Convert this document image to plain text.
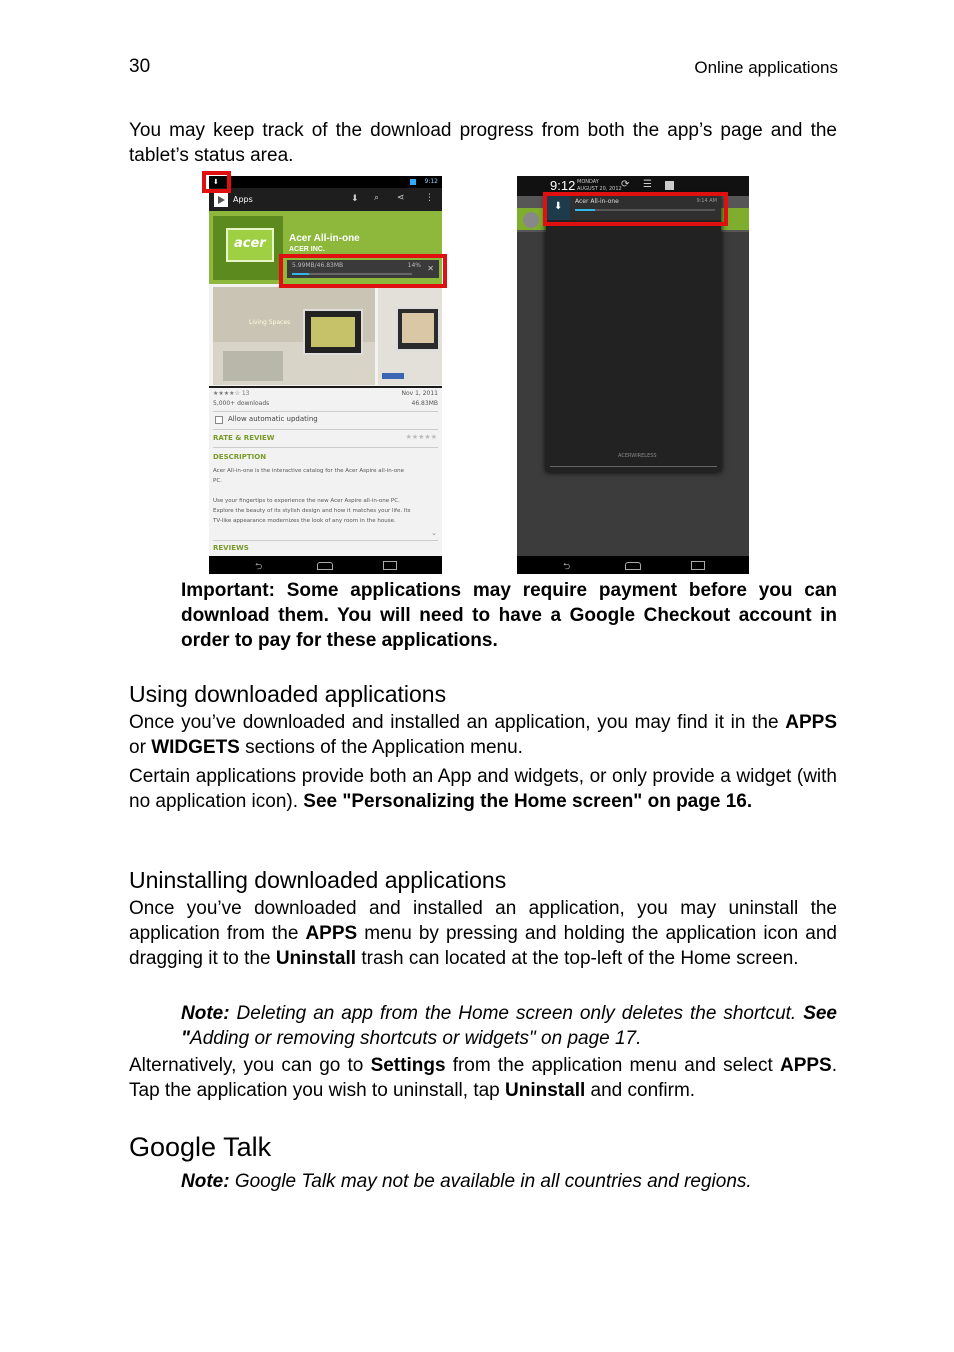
30	Online applications
You may keep track of the download progress from both the app’s page and the tablet’s status area.
⬇	9:12
Apps	⬇ ⌕ ⋖ ⋮
acer Acer All-in-one
ACER INC.
5.99MB/46.83MB	14% ✕
Living Spaces
★★★★☆ 13	Nov 1, 2011
5,000+ downloads	46.83MB
Allow automatic updating
RATE & REVIEW	★★★★★
DESCRIPTION
Acer All-in-one is the interactive catalog for the Acer Aspire all-in-one
PC.
Use your fingertips to experience the new Acer Aspire all-in-one PC.
Explore the beauty of its stylish design and how it matches your life. Its
TV-like appearance modernizes the look of any room in the house.
⌄
REVIEWS
⮌
9:12 MONDAY
AUGUST 20, 2012 ⟳ ☰
⬇ Acer All-in-one	9:14 AM
ACERWIRELESS
⮌
Important: Some applications may require payment before you can download them. You will need to have a Google Checkout account in order to pay for these applications.
Using downloaded applications
Once you’ve downloaded and installed an application, you may find it in the APPS or WIDGETS sections of the Application menu.
Certain applications provide both an App and widgets, or only provide a widget (with no application icon). See "Personalizing the Home screen" on page 16.
Uninstalling downloaded applications
Once you’ve downloaded and installed an application, you may uninstall the application from the APPS menu by pressing and holding the application icon and dragging it to the Uninstall trash can located at the top-left of the Home screen.
Note: Deleting an app from the Home screen only deletes the shortcut. See "Adding or removing shortcuts or widgets" on page 17.
Alternatively, you can go to Settings from the application menu and select APPS. Tap the application you wish to uninstall, tap Uninstall and confirm.
Google Talk
Note: Google Talk may not be available in all countries and regions.
